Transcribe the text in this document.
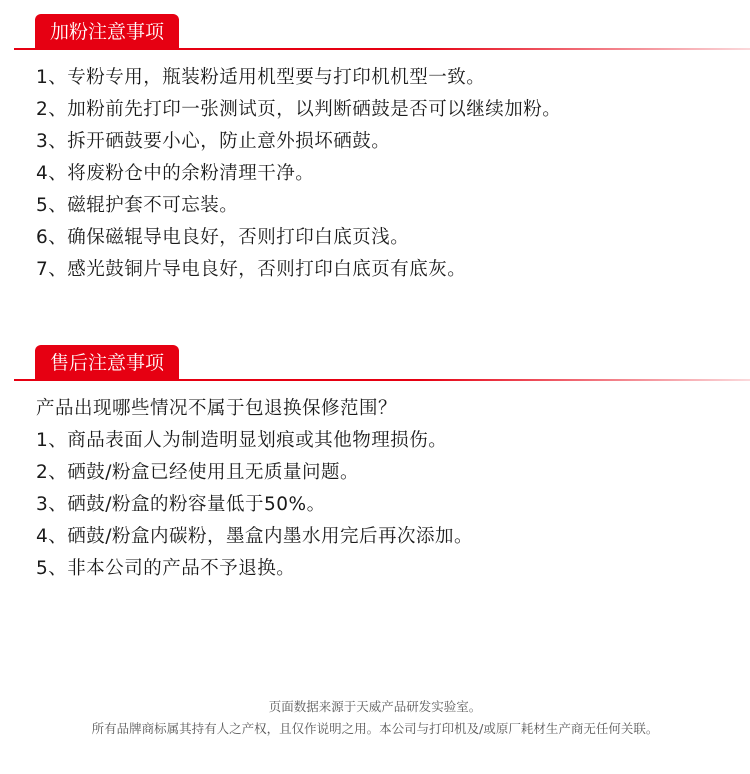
加粉注意事项
1、专粉专用，瓶装粉适用机型要与打印机机型一致。
2、加粉前先打印一张测试页，以判断硒鼓是否可以继续加粉。
3、拆开硒鼓要小心，防止意外损坏硒鼓。
4、将废粉仓中的余粉清理干净。
5、磁辊护套不可忘装。
6、确保磁辊导电良好，否则打印白底页浅。
7、感光鼓铜片导电良好，否则打印白底页有底灰。
售后注意事项
产品出现哪些情况不属于包退换保修范围？
1、商品表面人为制造明显划痕或其他物理损伤。
2、硒鼓/粉盒已经使用且无质量问题。
3、硒鼓/粉盒的粉容量低于50%。
4、硒鼓/粉盒内碳粉，墨盒内墨水用完后再次添加。
5、非本公司的产品不予退换。
页面数据来源于天威产品研发实验室。
所有品牌商标属其持有人之产权，且仅作说明之用。本公司与打印机及/或原厂耗材生产商无任何关联。
